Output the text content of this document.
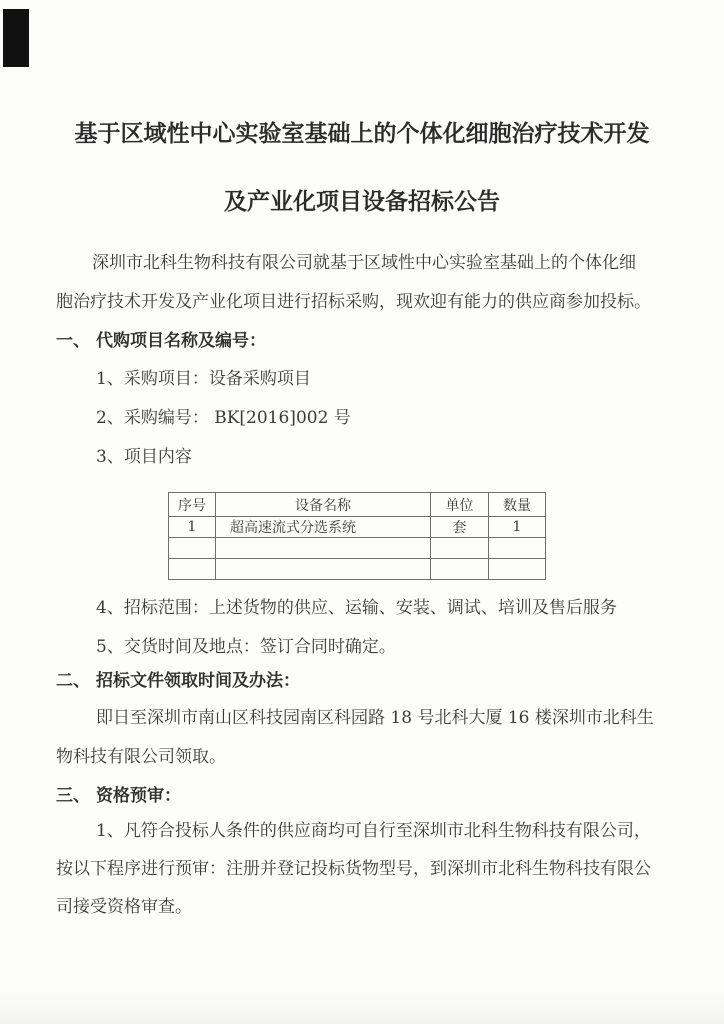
基于区域性中心实验室基础上的个体化细胞治疗技术开发
及产业化项目设备招标公告
深圳市北科生物科技有限公司就基于区域性中心实验室基础上的个体化细
胞治疗技术开发及产业化项目进行招标采购，现欢迎有能力的供应商参加投标。
一、 代购项目名称及编号：
1、采购项目：设备采购项目
2、采购编号： BK[2016]002 号
3、项目内容
序号	设备名称	单位	数量
1	超高速流式分选系统	套	1

4、招标范围：上述货物的供应、运输、安装、调试、培训及售后服务
5、交货时间及地点：签订合同时确定。
二、 招标文件领取时间及办法：
即日至深圳市南山区科技园南区科园路 18 号北科大厦 16 楼深圳市北科生
物科技有限公司领取。
三、 资格预审：
1、凡符合投标人条件的供应商均可自行至深圳市北科生物科技有限公司，
按以下程序进行预审：注册并登记投标货物型号，到深圳市北科生物科技有限公
司接受资格审查。
